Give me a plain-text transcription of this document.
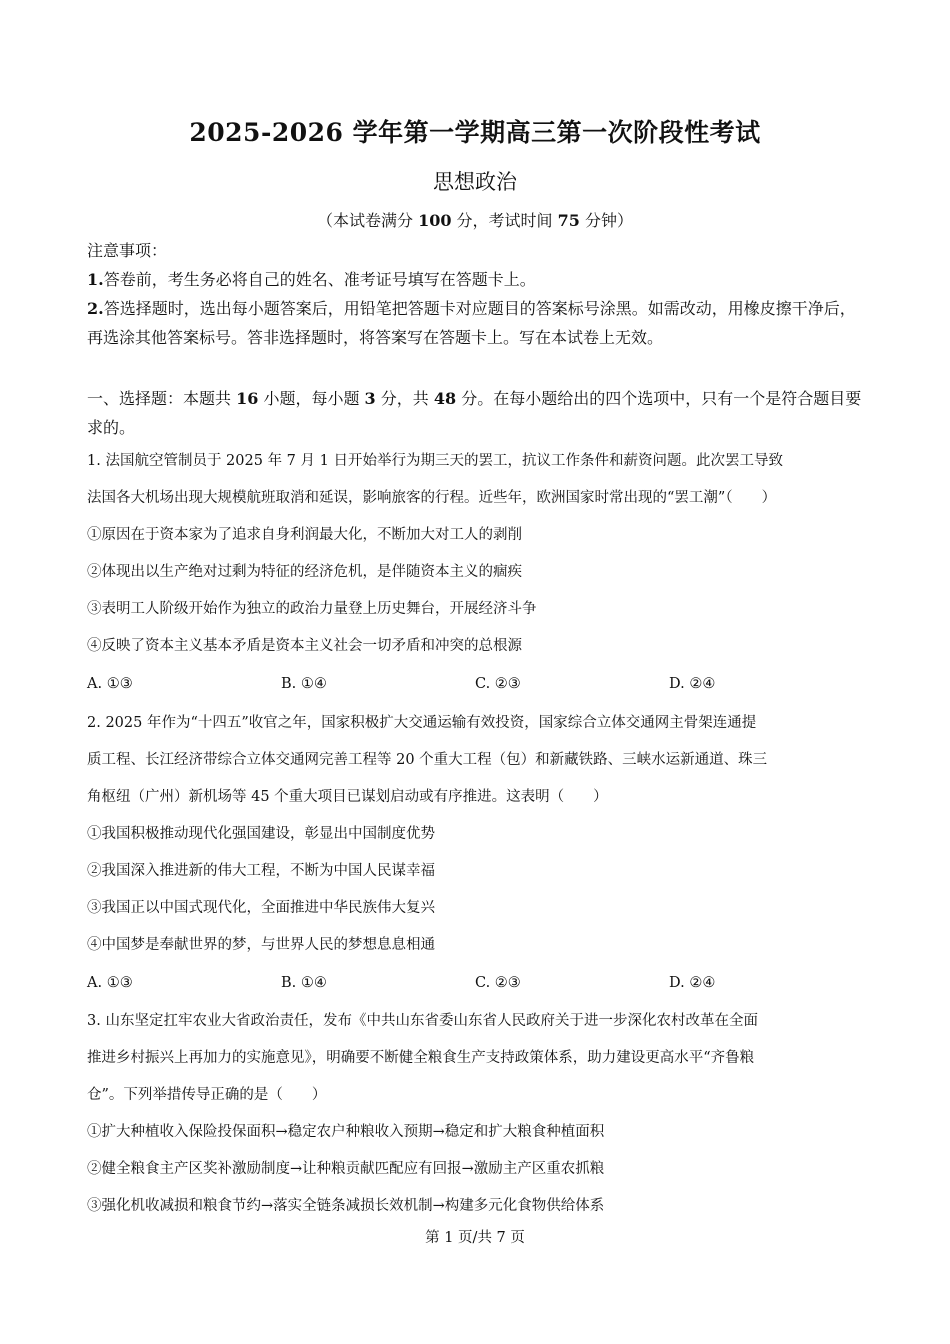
2025-2026 学年第一学期高三第一次阶段性考试
思想政治
（本试卷满分 100 分，考试时间 75 分钟）

注意事项：

1.答卷前，考生务必将自己的姓名、准考证号填写在答题卡上。

2.答选择题时，选出每小题答案后，用铅笔把答题卡对应题目的答案标号涂黑。如需改动，用橡皮擦干净后，再选涂其他答案标号。答非选择题时，将答案写在答题卡上。写在本试卷上无效。

一、选择题：本题共 16 小题，每小题 3 分，共 48 分。在每小题给出的四个选项中，只有一个是符合题目要求的。

1. 法国航空管制员于 2025 年 7 月 1 日开始举行为期三天的罢工，抗议工作条件和薪资问题。此次罢工导致

法国各大机场出现大规模航班取消和延误，影响旅客的行程。近些年，欧洲国家时常出现的“罢工潮”（　　）

①原因在于资本家为了追求自身利润最大化，不断加大对工人的剥削

②体现出以生产绝对过剩为特征的经济危机，是伴随资本主义的痼疾

③表明工人阶级开始作为独立的政治力量登上历史舞台，开展经济斗争

④反映了资本主义基本矛盾是资本主义社会一切矛盾和冲突的总根源

A. ①③	B. ①④	C. ②③	D. ②④

2. 2025 年作为“十四五”收官之年，国家积极扩大交通运输有效投资，国家综合立体交通网主骨架连通提

质工程、长江经济带综合立体交通网完善工程等 20 个重大工程（包）和新藏铁路、三峡水运新通道、珠三

角枢纽（广州）新机场等 45 个重大项目已谋划启动或有序推进。这表明（　　）

①我国积极推动现代化强国建设，彰显出中国制度优势

②我国深入推进新的伟大工程，不断为中国人民谋幸福

③我国正以中国式现代化，全面推进中华民族伟大复兴

④中国梦是奉献世界的梦，与世界人民的梦想息息相通

A. ①③	B. ①④	C. ②③	D. ②④

3. 山东坚定扛牢农业大省政治责任，发布《中共山东省委山东省人民政府关于进一步深化农村改革在全面

推进乡村振兴上再加力的实施意见》，明确要不断健全粮食生产支持政策体系，助力建设更高水平“齐鲁粮

仓”。下列举措传导正确的是（　　）

①扩大种植收入保险投保面积→稳定农户种粮收入预期→稳定和扩大粮食种植面积

②健全粮食主产区奖补激励制度→让种粮贡献匹配应有回报→激励主产区重农抓粮

③强化机收减损和粮食节约→落实全链条减损长效机制→构建多元化食物供给体系

第 1 页/共 7 页
